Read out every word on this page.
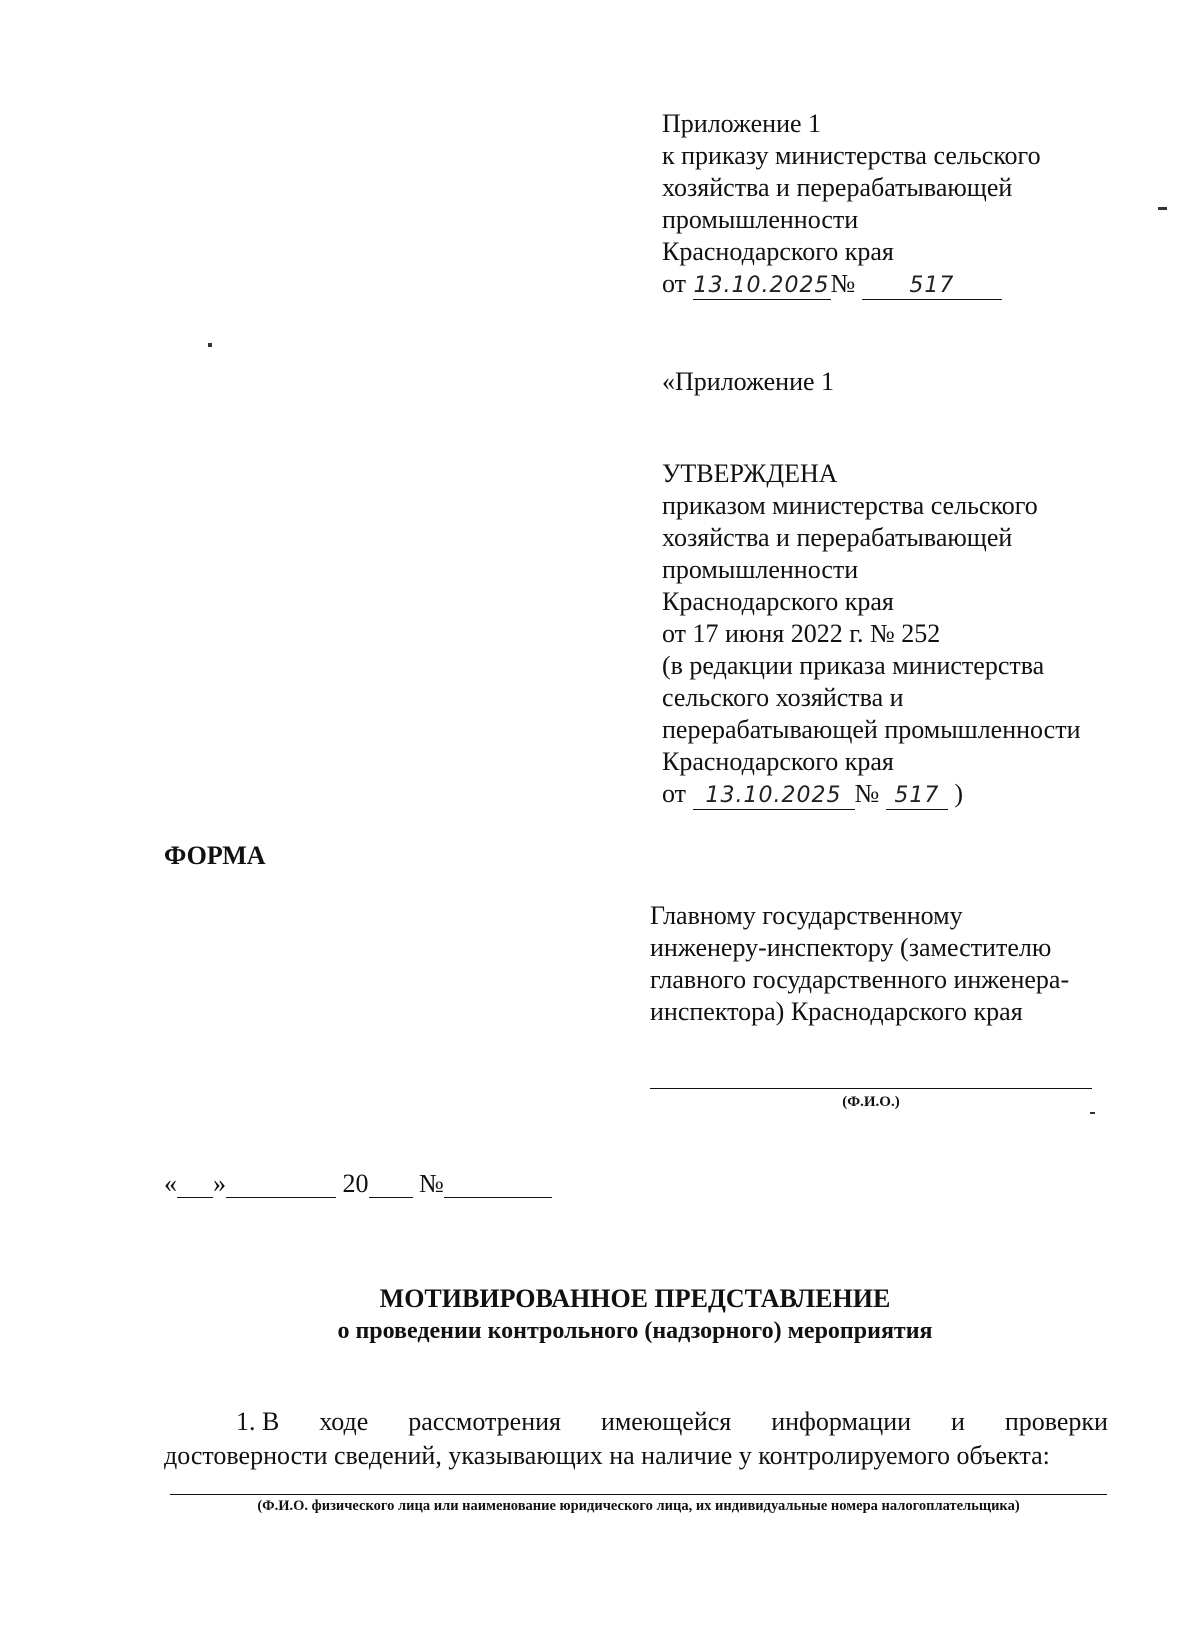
Приложение 1
к приказу министерства сельского
хозяйства и перерабатывающей
промышленности
Краснодарского края
от 13.10.2025№ 517
«Приложение 1
УТВЕРЖДЕНА
приказом министерства сельского
хозяйства и перерабатывающей
промышленности
Краснодарского края
от 17 июня 2022 г. № 252
(в редакции приказа министерства
сельского хозяйства и
перерабатывающей промышленности
Краснодарского края
от 13.10.2025 № 517 )
ФОРМА
Главному государственному
инженеру-инспектору (заместителю
главного государственного инженера-
инспектора) Краснодарского края
(Ф.И.О.)
« »	20 №
МОТИВИРОВАННОЕ ПРЕДСТАВЛЕНИЕ
о проведении контрольного (надзорного) мероприятия
1. В ходе рассмотрения имеющейся информации и проверки
достоверности сведений, указывающих на наличие у контролируемого объекта:
(Ф.И.О. физического лица или наименование юридического лица, их индивидуальные номера налогоплательщика)
